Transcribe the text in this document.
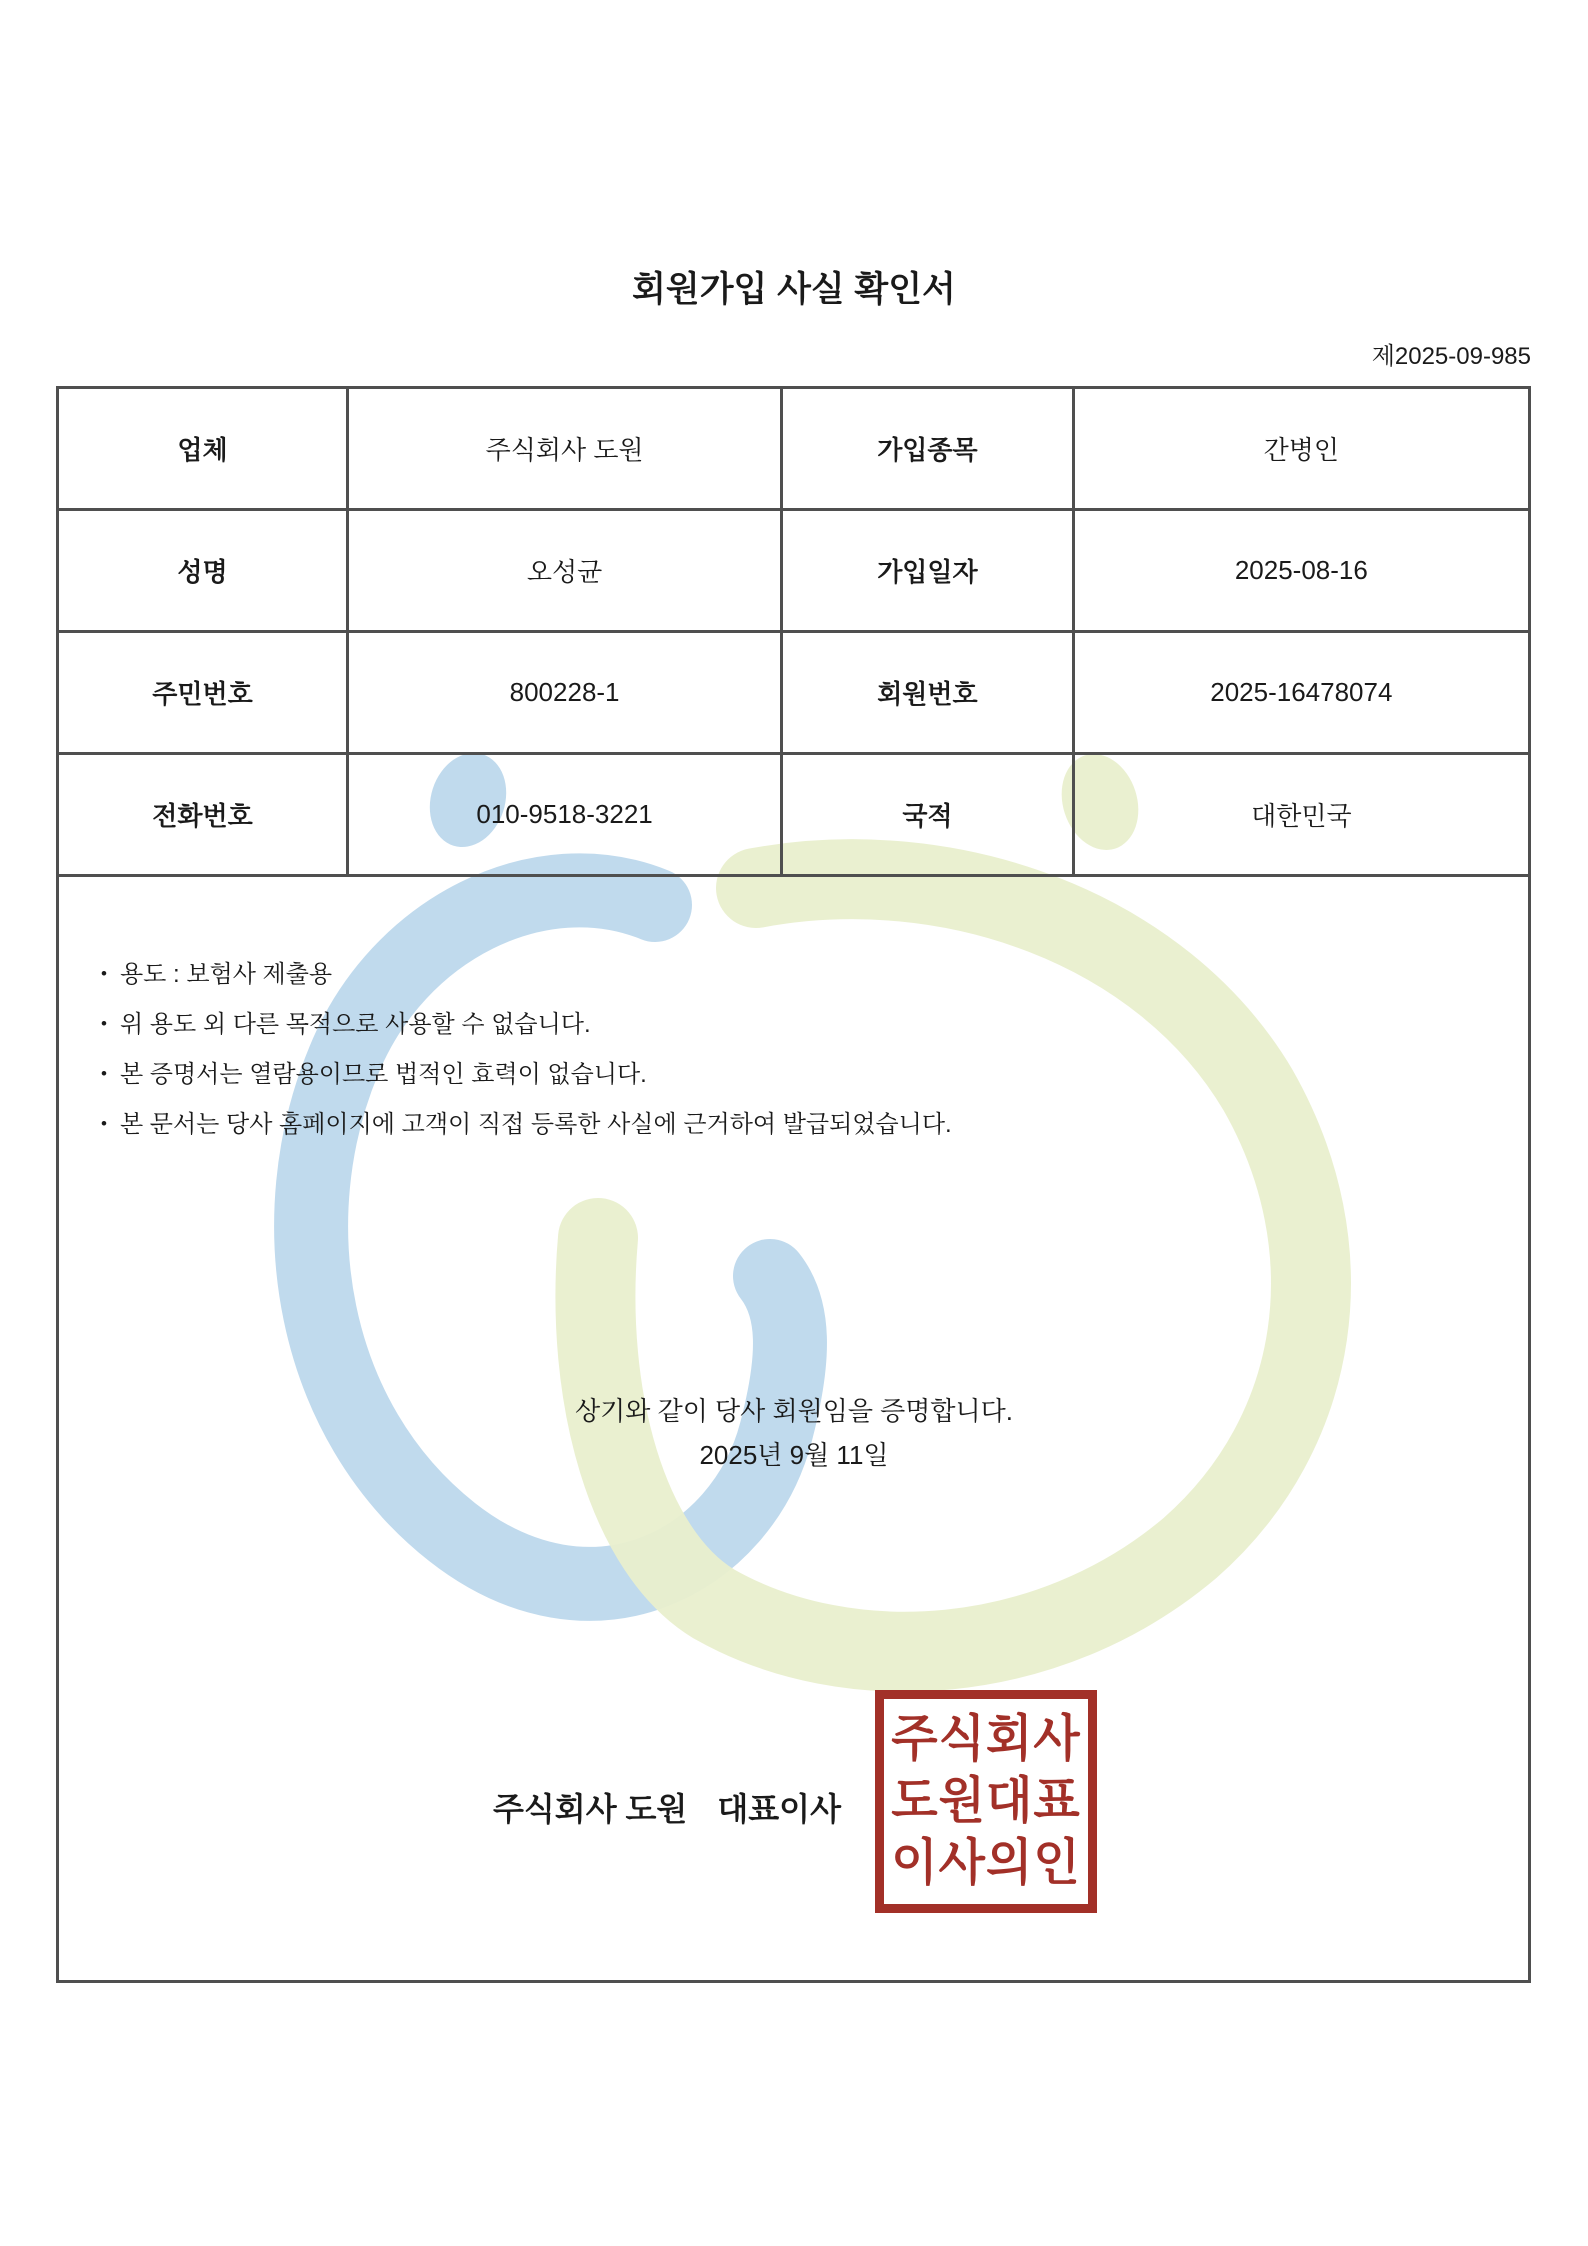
회원가입 사실 확인서
제2025-09-985
업체	주식회사 도원	가입종목	간병인
성명	오성균	가입일자	2025-08-16
주민번호	800228-1	회원번호	2025-16478074
전화번호	010-9518-3221	국적	대한민국
• 용도 : 보험사 제출용
• 위 용도 외 다른 목적으로 사용할 수 없습니다.
• 본 증명서는 열람용이므로 법적인 효력이 없습니다.
• 본 문서는 당사 홈페이지에 고객이 직접 등록한 사실에 근거하여 발급되었습니다.
상기와 같이 당사 회원임을 증명합니다.
2025년 9월 11일
주식회사 도원 대표이사
주식회사
도원대표
이사의인
